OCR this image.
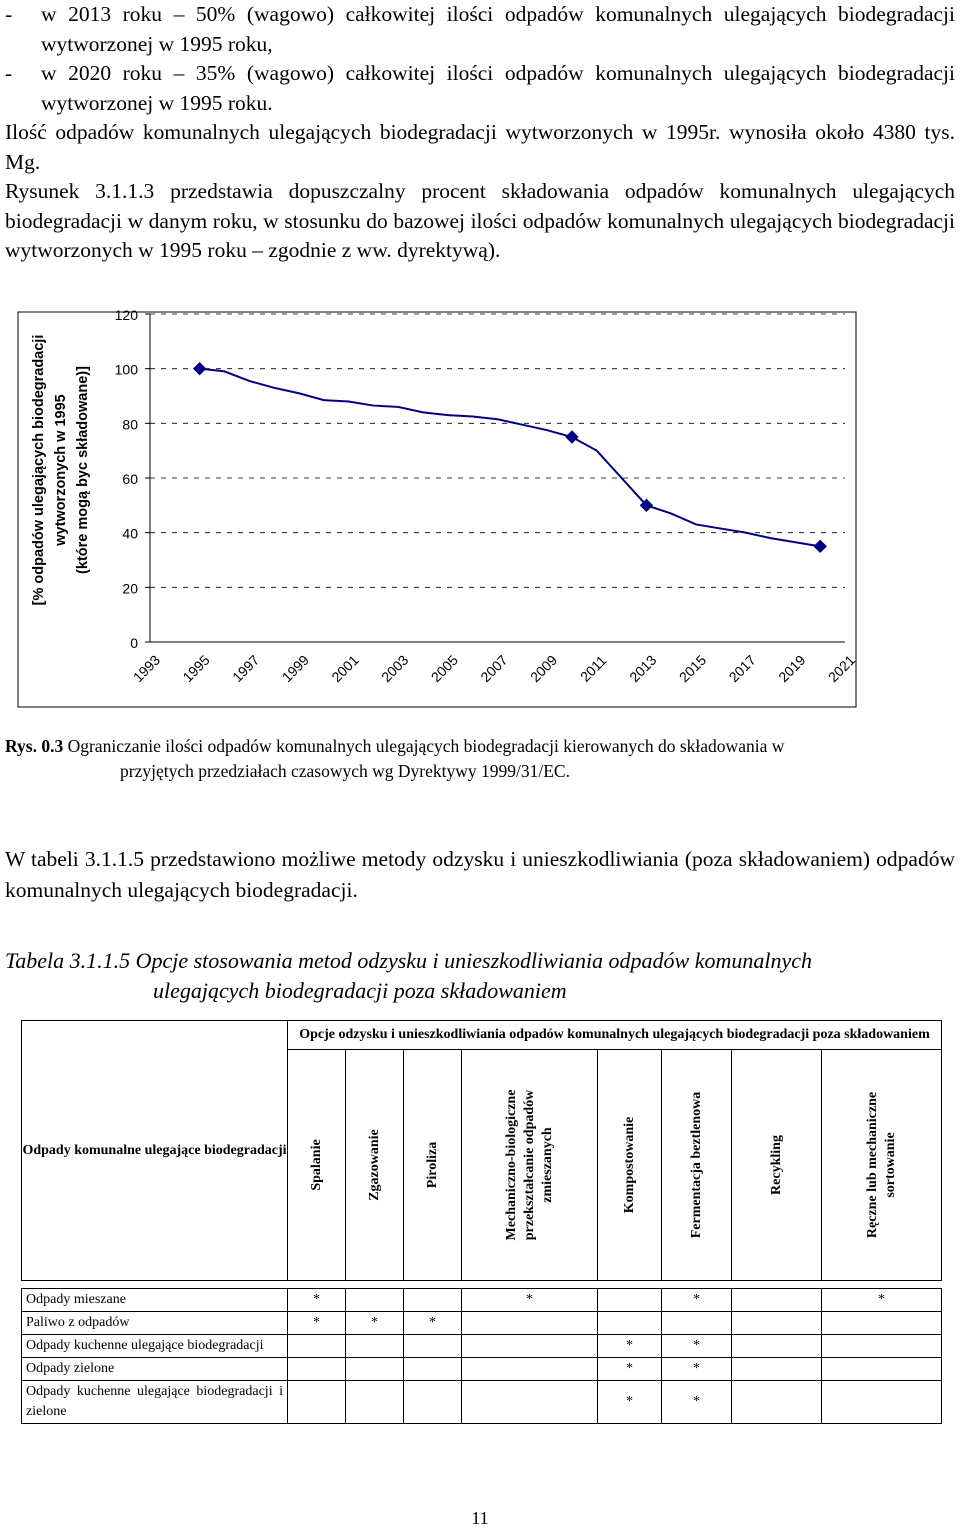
- w 2013 roku – 50% (wagowo) całkowitej ilości odpadów komunalnych ulegających biodegradacji wytworzonej w 1995 roku,
- w 2020 roku – 35% (wagowo) całkowitej ilości odpadów komunalnych ulegających biodegradacji wytworzonej w 1995 roku.
Ilość odpadów komunalnych ulegających biodegradacji wytworzonych w 1995r. wynosiła około 4380 tys. Mg.
Rysunek 3.1.1.3 przedstawia dopuszczalny procent składowania odpadów komunalnych ulegających biodegradacji w danym roku, w stosunku do bazowej ilości odpadów komunalnych ulegających biodegradacji wytworzonych w 1995 roku – zgodnie z ww. dyrektywą).
0
20
40
60
80
100
120
1993 1995 1997 1999 2001 2003 2005 2007 2009 2011 2013 2015 2017 2019 2021
[% odpadów ulegających biodegradacji wytworzonych w 1995 (które mogą byc składowane)]
Rys. 0.3 Ograniczanie ilości odpadów komunalnych ulegających biodegradacji kierowanych do składowania w
przyjętych przedziałach czasowych wg Dyrektywy 1999/31/EC.
W tabeli 3.1.1.5 przedstawiono możliwe metody odzysku i unieszkodliwiania (poza składowaniem) odpadów komunalnych ulegających biodegradacji.
Tabela 3.1.1.5 Opcje stosowania metod odzysku i unieszkodliwiania odpadów komunalnych
ulegających biodegradacji poza składowaniem
Odpady komunalne ulegające biodegradacji	Opcje odzysku i unieszkodliwiania odpadów komunalnych ulegających biodegradacji poza składowaniem							

	Spalanie	Zgazowanie	Piroliza	Mechaniczno-biologiczne przekształcanie odpadów zmieszanych	Kompostowanie	Fermentacja beztlenowa	Recykling	Ręczne lub mechaniczne sortowanie

Odpady mieszane	*			*		*		*
Paliwo z odpadów	*	*	*					
Odpady kuchenne ulegające biodegradacji					*	*		
Odpady zielone					*	*		
Odpady kuchenne ulegające biodegradacji i zielone					*	*		
11
